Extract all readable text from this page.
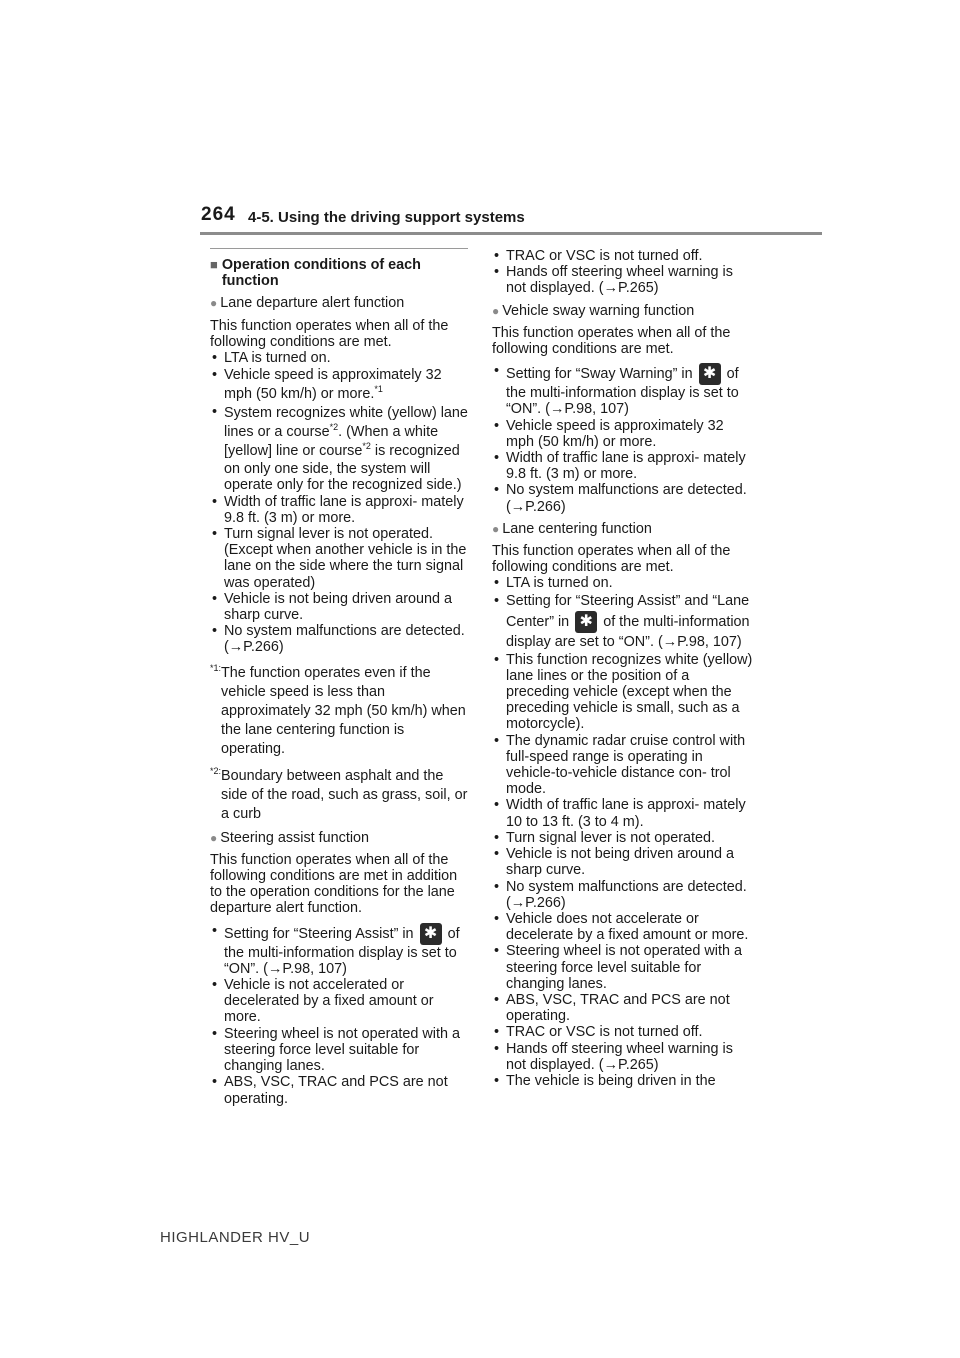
264 4-5. Using the driving support systems
■ Operation conditions of each function
● Lane departure alert function
This function operates when all of the following conditions are met.
• LTA is turned on.
• Vehicle speed is approximately 32 mph (50 km/h) or more.$^{*1}$
• System recognizes white (yellow) lane lines or a course$^{*2}$. (When a white [yellow] line or course$^{*2}$ is recognized on only one side, the system will operate only for the recognized side.)
• Width of traffic lane is approxi- mately 9.8 ft. (3 m) or more.
• Turn signal lever is not operated. (Except when another vehicle is in the lane on the side where the turn signal was operated)
• Vehicle is not being driven around a sharp curve.
• No system malfunctions are detected. (→P.266)
$^{*1:}$ The function operates even if the vehicle speed is less than approximately 32 mph (50 km/h) when the lane centering function is operating.
$^{*2:}$ Boundary between asphalt and the side of the road, such as grass, soil, or a curb
● Steering assist function
This function operates when all of the following conditions are met in addition to the operation conditions for the lane departure alert function.
• Setting for “Steering Assist” in ✱ of the multi-information display is set to “ON”. (→P.98, 107)
• Vehicle is not accelerated or decelerated by a fixed amount or more.
• Steering wheel is not operated with a steering force level suitable for changing lanes.
• ABS, VSC, TRAC and PCS are not operating.
• TRAC or VSC is not turned off.
• Hands off steering wheel warning is not displayed. (→P.265)
● Vehicle sway warning function
This function operates when all of the following conditions are met.
• Setting for “Sway Warning” in ✱ of the multi-information display is set to “ON”. (→P.98, 107)
• Vehicle speed is approximately 32 mph (50 km/h) or more.
• Width of traffic lane is approxi- mately 9.8 ft. (3 m) or more.
• No system malfunctions are detected. (→P.266)
● Lane centering function
This function operates when all of the following conditions are met.
• LTA is turned on.
• Setting for “Steering Assist” and “Lane Center” in ✱ of the multi-information display are set to “ON”. (→P.98, 107)
• This function recognizes white (yellow) lane lines or the position of a preceding vehicle (except when the preceding vehicle is small, such as a motorcycle).
• The dynamic radar cruise control with full-speed range is operating in vehicle-to-vehicle distance con- trol mode.
• Width of traffic lane is approxi- mately 10 to 13 ft. (3 to 4 m).
• Turn signal lever is not operated.
• Vehicle is not being driven around a sharp curve.
• No system malfunctions are detected. (→P.266)
• Vehicle does not accelerate or decelerate by a fixed amount or more.
• Steering wheel is not operated with a steering force level suitable for changing lanes.
• ABS, VSC, TRAC and PCS are not operating.
• TRAC or VSC is not turned off.
• Hands off steering wheel warning is not displayed. (→P.265)
• The vehicle is being driven in the
HIGHLANDER HV_U
